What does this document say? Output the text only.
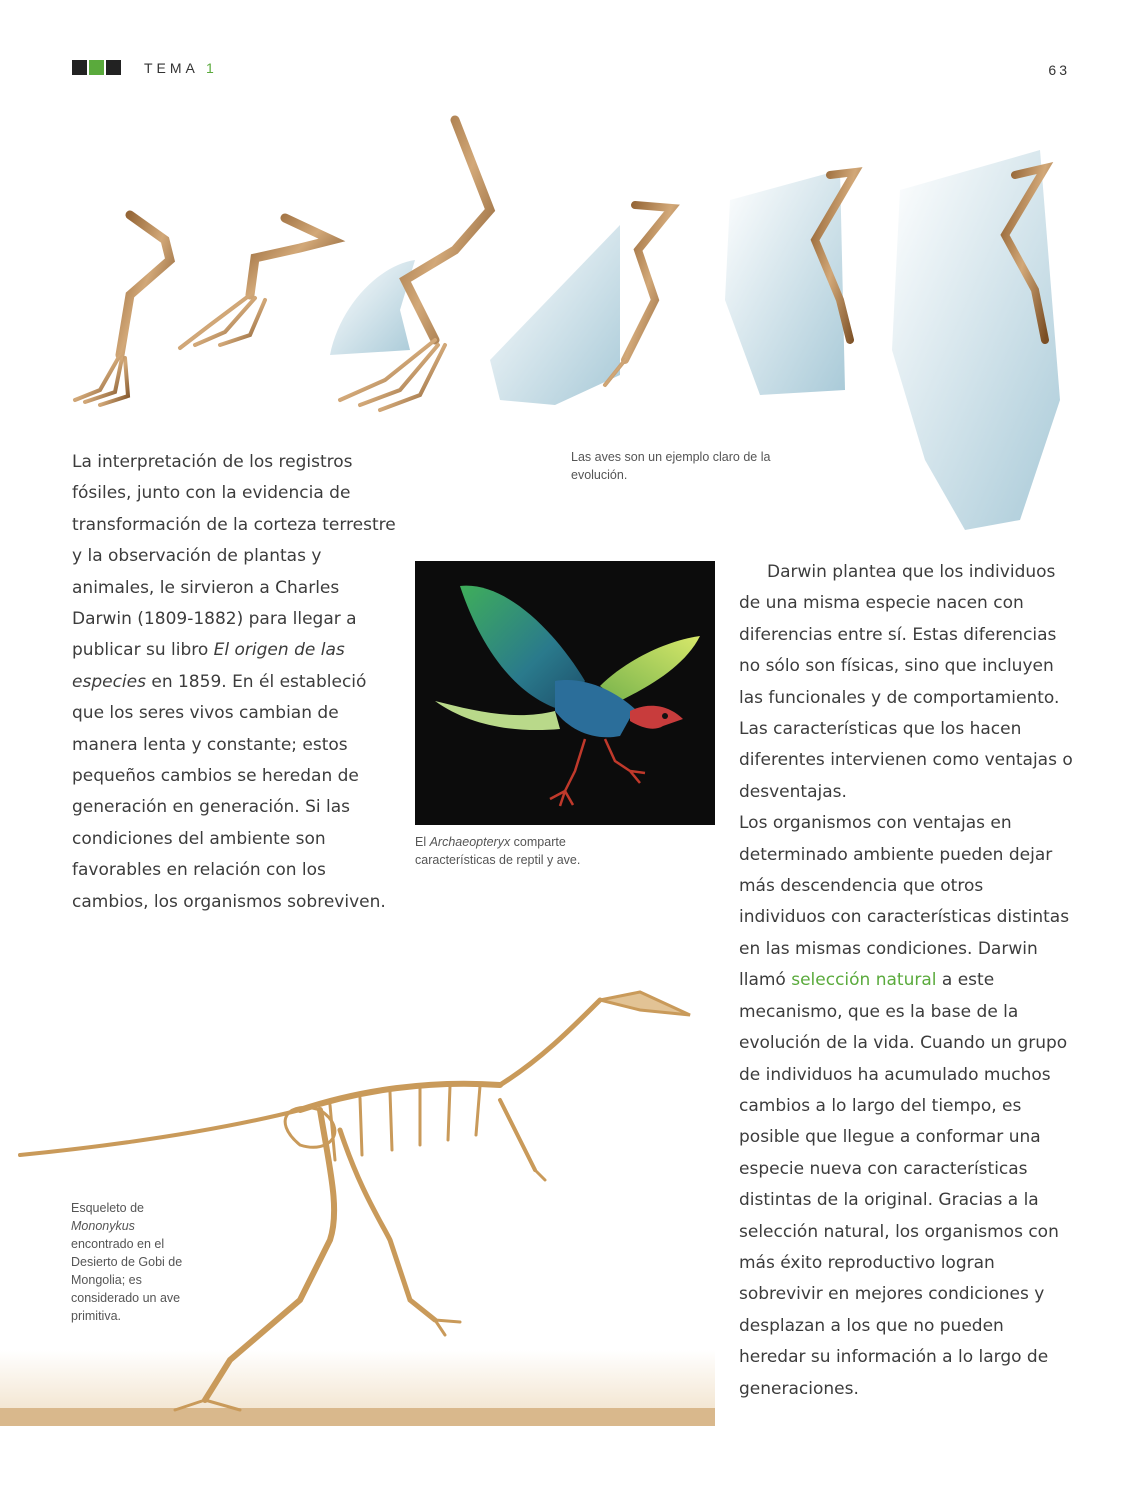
TEMA 1	63

Las aves son un ejemplo claro de la evolución.

La interpretación de los registros fósiles, junto con la evidencia de transformación de la corteza terrestre y la observación de plantas y animales, le sirvieron a Charles Darwin (1809-1882) para llegar a publicar su libro El origen de las especies en 1859. En él estableció que los seres vivos cambian de manera lenta y constante; estos pequeños cambios se heredan de generación en generación. Si las condiciones del ambiente son favorables en relación con los cambios, los organismos sobreviven.

El Archaeopteryx comparte características de reptil y ave.

Darwin plantea que los individuos de una misma especie nacen con diferencias entre sí. Estas diferencias no sólo son físicas, sino que incluyen las funcionales y de comportamiento. Las características que los hacen diferentes intervienen como ventajas o desventajas.

Los organismos con ventajas en determinado ambiente pueden dejar más descendencia que otros individuos con características distintas en las mismas condiciones. Darwin llamó selección natural a este mecanismo, que es la base de la evolución de la vida. Cuando un grupo de individuos ha acumulado muchos cambios a lo largo del tiempo, es posible que llegue a conformar una especie nueva con características distintas de la original. Gracias a la selección natural, los organismos con más éxito reproductivo logran sobrevivir en mejores condiciones y desplazan a los que no pueden heredar su información a lo largo de generaciones.

Esqueleto de
Mononykus
encontrado en el Desierto de Gobi de Mongolia; es considerado un ave primitiva.
